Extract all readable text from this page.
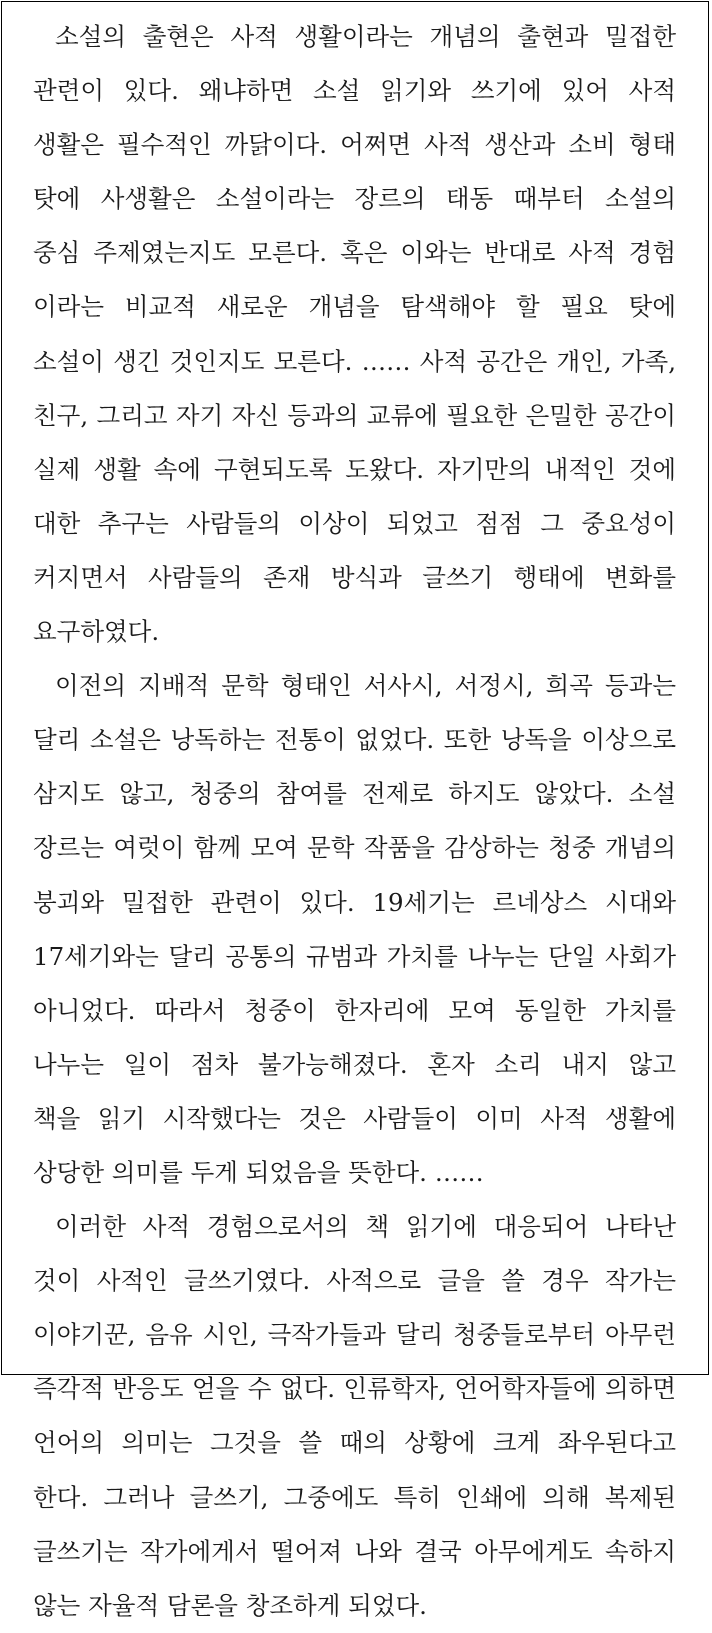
소설의 출현은 사적 생활이라는 개념의 출현과 밀접한
관련이 있다. 왜냐하면 소설 읽기와 쓰기에 있어 사적
생활은 필수적인 까닭이다. 어쩌면 사적 생산과 소비 형태
탓에 사생활은 소설이라는 장르의 태동 때부터 소설의
중심 주제였는지도 모른다. 혹은 이와는 반대로 사적 경험
이라는 비교적 새로운 개념을 탐색해야 할 필요 탓에
소설이 생긴 것인지도 모른다. …… 사적 공간은 개인, 가족,
친구, 그리고 자기 자신 등과의 교류에 필요한 은밀한 공간이
실제 생활 속에 구현되도록 도왔다. 자기만의 내적인 것에
대한 추구는 사람들의 이상이 되었고 점점 그 중요성이
커지면서 사람들의 존재 방식과 글쓰기 행태에 변화를
요구하였다.
이전의 지배적 문학 형태인 서사시, 서정시, 희곡 등과는
달리 소설은 낭독하는 전통이 없었다. 또한 낭독을 이상으로
삼지도 않고, 청중의 참여를 전제로 하지도 않았다. 소설
장르는 여럿이 함께 모여 문학 작품을 감상하는 청중 개념의
붕괴와 밀접한 관련이 있다. 19세기는 르네상스 시대와
17세기와는 달리 공통의 규범과 가치를 나누는 단일 사회가
아니었다. 따라서 청중이 한자리에 모여 동일한 가치를
나누는 일이 점차 불가능해졌다. 혼자 소리 내지 않고
책을 읽기 시작했다는 것은 사람들이 이미 사적 생활에
상당한 의미를 두게 되었음을 뜻한다. ……
이러한 사적 경험으로서의 책 읽기에 대응되어 나타난
것이 사적인 글쓰기였다. 사적으로 글을 쓸 경우 작가는
이야기꾼, 음유 시인, 극작가들과 달리 청중들로부터 아무런
즉각적 반응도 얻을 수 없다. 인류학자, 언어학자들에 의하면
언어의 의미는 그것을 쓸 때의 상황에 크게 좌우된다고
한다. 그러나 글쓰기, 그중에도 특히 인쇄에 의해 복제된
글쓰기는 작가에게서 떨어져 나와 결국 아무에게도 속하지
않는 자율적 담론을 창조하게 되었다.
